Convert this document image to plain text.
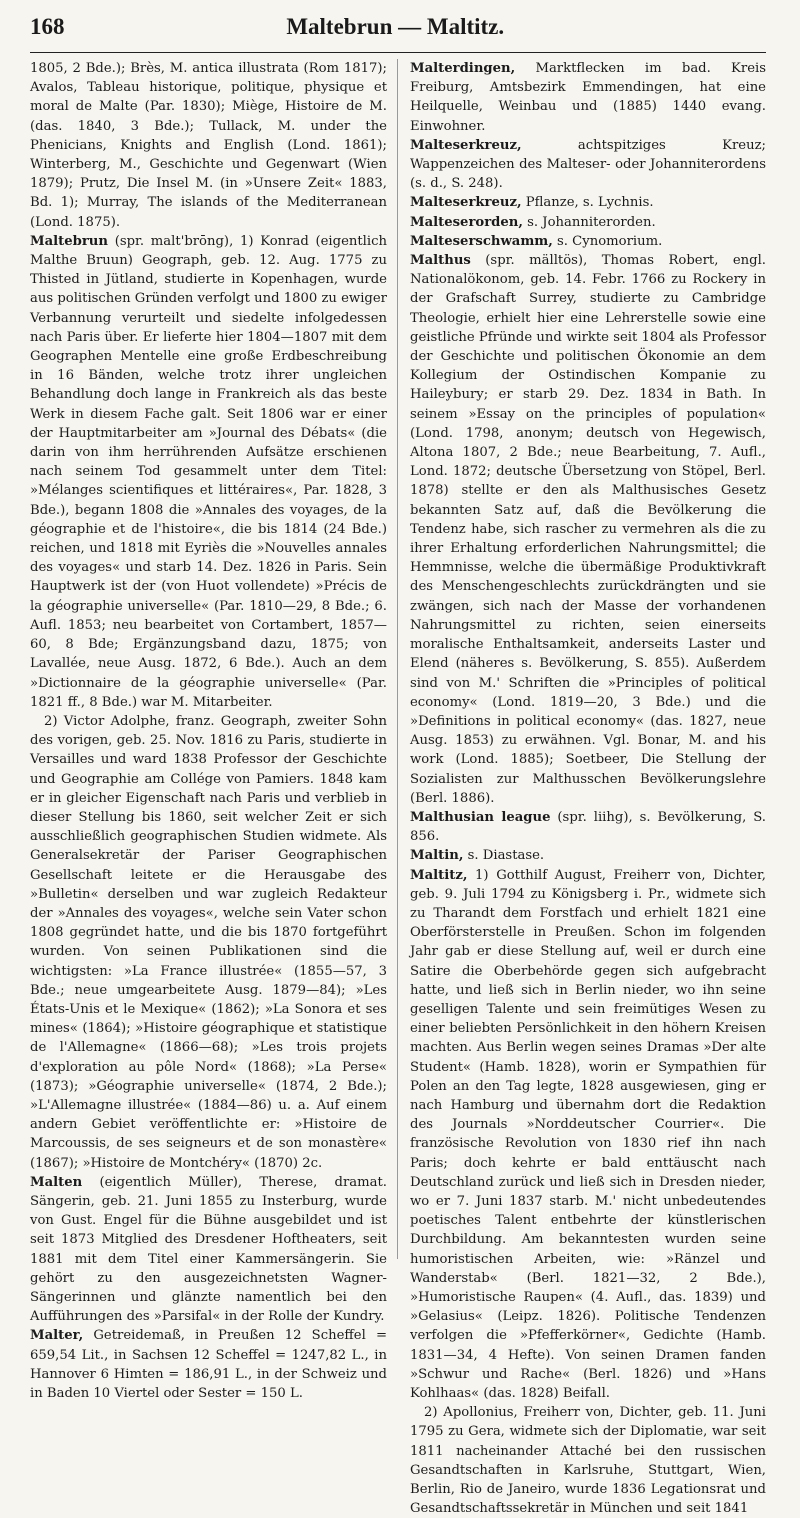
168	Maltebrun — Maltitz.

1805, 2 Bde.); Brès, M. antica illustrata (Rom 1817); Avalos, Tableau historique, politique, physique et moral de Malte (Par. 1830); Miège, Histoire de M. (das. 1840, 3 Bde.); Tullack, M. under the Phenicians, Knights and English (Lond. 1861); Winterberg, M., Geschichte und Gegenwart (Wien 1879); Prutz, Die Insel M. (in »Unsere Zeit« 1883, Bd. 1); Murray, The islands of the Mediterranean (Lond. 1875).

Maltebrun (spr. malt'brōng), 1) Konrad (eigentlich Malthe Bruun) Geograph, geb. 12. Aug. 1775 zu Thisted in Jütland, studierte in Kopenhagen, wurde aus politischen Gründen verfolgt und 1800 zu ewiger Verbannung verurteilt und siedelte infolgedessen nach Paris über. Er lieferte hier 1804—1807 mit dem Geographen Mentelle eine große Erdbeschreibung in 16 Bänden, welche trotz ihrer ungleichen Behandlung doch lange in Frankreich als das beste Werk in diesem Fache galt. Seit 1806 war er einer der Hauptmitarbeiter am »Journal des Débats« (die darin von ihm herrührenden Aufsätze erschienen nach seinem Tod gesammelt unter dem Titel: »Mélanges scientifiques et littéraires«, Par. 1828, 3 Bde.), begann 1808 die »Annales des voyages, de la géographie et de l'histoire«, die bis 1814 (24 Bde.) reichen, und 1818 mit Eyriès die »Nouvelles annales des voyages« und starb 14. Dez. 1826 in Paris. Sein Hauptwerk ist der (von Huot vollendete) »Précis de la géographie universelle« (Par. 1810—29, 8 Bde.; 6. Aufl. 1853; neu bearbeitet von Cortambert, 1857—60, 8 Bde; Ergänzungsband dazu, 1875; von Lavallée, neue Ausg. 1872, 6 Bde.). Auch an dem »Dictionnaire de la géographie universelle« (Par. 1821 ff., 8 Bde.) war M. Mitarbeiter.

2) Victor Adolphe, franz. Geograph, zweiter Sohn des vorigen, geb. 25. Nov. 1816 zu Paris, studierte in Versailles und ward 1838 Professor der Geschichte und Geographie am Collége von Pamiers. 1848 kam er in gleicher Eigenschaft nach Paris und verblieb in dieser Stellung bis 1860, seit welcher Zeit er sich ausschließlich geographischen Studien widmete. Als Generalsekretär der Pariser Geographischen Gesellschaft leitete er die Herausgabe des »Bulletin« derselben und war zugleich Redakteur der »Annales des voyages«, welche sein Vater schon 1808 gegründet hatte, und die bis 1870 fortgeführt wurden. Von seinen Publikationen sind die wichtigsten: »La France illustrée« (1855—57, 3 Bde.; neue umgearbeitete Ausg. 1879—84); »Les États-Unis et le Mexique« (1862); »La Sonora et ses mines« (1864); »Histoire géographique et statistique de l'Allemagne« (1866—68); »Les trois projets d'exploration au pôle Nord« (1868); »La Perse« (1873); »Géographie universelle« (1874, 2 Bde.); »L'Allemagne illustrée« (1884—86) u. a. Auf einem andern Gebiet veröffentlichte er: »Histoire de Marcoussis, de ses seigneurs et de son monastère« (1867); »Histoire de Montchéry« (1870) 2c.

Malten (eigentlich Müller), Therese, dramat. Sängerin, geb. 21. Juni 1855 zu Insterburg, wurde von Gust. Engel für die Bühne ausgebildet und ist seit 1873 Mitglied des Dresdener Hoftheaters, seit 1881 mit dem Titel einer Kammersängerin. Sie gehört zu den ausgezeichnetsten Wagner-Sängerinnen und glänzte namentlich bei den Aufführungen des »Parsifal« in der Rolle der Kundry.

Malter, Getreidemaß, in Preußen 12 Scheffel = 659,54 Lit., in Sachsen 12 Scheffel = 1247,82 L., in Hannover 6 Himten = 186,91 L., in der Schweiz und in Baden 10 Viertel oder Sester = 150 L.

Malterdingen, Marktflecken im bad. Kreis Freiburg, Amtsbezirk Emmendingen, hat eine Heilquelle, Weinbau und (1885) 1440 evang. Einwohner.

Malteserkreuz, achtspitziges Kreuz; Wappenzeichen des Malteser- oder Johanniterordens (s. d., S. 248).

Malteserkreuz, Pflanze, s. Lychnis.

Malteserorden, s. Johanniterorden.

Malteserschwamm, s. Cynomorium.

Malthus (spr. mälltös), Thomas Robert, engl. Nationalökonom, geb. 14. Febr. 1766 zu Rockery in der Grafschaft Surrey, studierte zu Cambridge Theologie, erhielt hier eine Lehrerstelle sowie eine geistliche Pfründe und wirkte seit 1804 als Professor der Geschichte und politischen Ökonomie an dem Kollegium der Ostindischen Kompanie zu Haileybury; er starb 29. Dez. 1834 in Bath. In seinem »Essay on the principles of population« (Lond. 1798, anonym; deutsch von Hegewisch, Altona 1807, 2 Bde.; neue Bearbeitung, 7. Aufl., Lond. 1872; deutsche Übersetzung von Stöpel, Berl. 1878) stellte er den als Malthusisches Gesetz bekannten Satz auf, daß die Bevölkerung die Tendenz habe, sich rascher zu vermehren als die zu ihrer Erhaltung erforderlichen Nahrungsmittel; die Hemmnisse, welche die übermäßige Produktivkraft des Menschengeschlechts zurückdrängten und sie zwängen, sich nach der Masse der vorhandenen Nahrungsmittel zu richten, seien einerseits moralische Enthaltsamkeit, anderseits Laster und Elend (näheres s. Bevölkerung, S. 855). Außerdem sind von M.' Schriften die »Principles of political economy« (Lond. 1819—20, 3 Bde.) und die »Definitions in political economy« (das. 1827, neue Ausg. 1853) zu erwähnen. Vgl. Bonar, M. and his work (Lond. 1885); Soetbeer, Die Stellung der Sozialisten zur Malthusschen Bevölkerungslehre (Berl. 1886).

Malthusian league (spr. liihg), s. Bevölkerung, S. 856.

Maltin, s. Diastase.

Maltitz, 1) Gotthilf August, Freiherr von, Dichter, geb. 9. Juli 1794 zu Königsberg i. Pr., widmete sich zu Tharandt dem Forstfach und erhielt 1821 eine Oberförsterstelle in Preußen. Schon im folgenden Jahr gab er diese Stellung auf, weil er durch eine Satire die Oberbehörde gegen sich aufgebracht hatte, und ließ sich in Berlin nieder, wo ihn seine geselligen Talente und sein freimütiges Wesen zu einer beliebten Persönlichkeit in den höhern Kreisen machten. Aus Berlin wegen seines Dramas »Der alte Student« (Hamb. 1828), worin er Sympathien für Polen an den Tag legte, 1828 ausgewiesen, ging er nach Hamburg und übernahm dort die Redaktion des Journals »Norddeutscher Courrier«. Die französische Revolution von 1830 rief ihn nach Paris; doch kehrte er bald enttäuscht nach Deutschland zurück und ließ sich in Dresden nieder, wo er 7. Juni 1837 starb. M.' nicht unbedeutendes poetisches Talent entbehrte der künstlerischen Durchbildung. Am bekanntesten wurden seine humoristischen Arbeiten, wie: »Ränzel und Wanderstab« (Berl. 1821—32, 2 Bde.), »Humoristische Raupen« (4. Aufl., das. 1839) und »Gelasius« (Leipz. 1826). Politische Tendenzen verfolgen die »Pfefferkörner«, Gedichte (Hamb. 1831—34, 4 Hefte). Von seinen Dramen fanden »Schwur und Rache« (Berl. 1826) und »Hans Kohlhaas« (das. 1828) Beifall.

2) Apollonius, Freiherr von, Dichter, geb. 11. Juni 1795 zu Gera, widmete sich der Diplomatie, war seit 1811 nacheinander Attaché bei den russischen Gesandtschaften in Karlsruhe, Stuttgart, Wien, Berlin, Rio de Janeiro, wurde 1836 Legationsrat und Gesandtschaftssekretär in München und seit 1841
